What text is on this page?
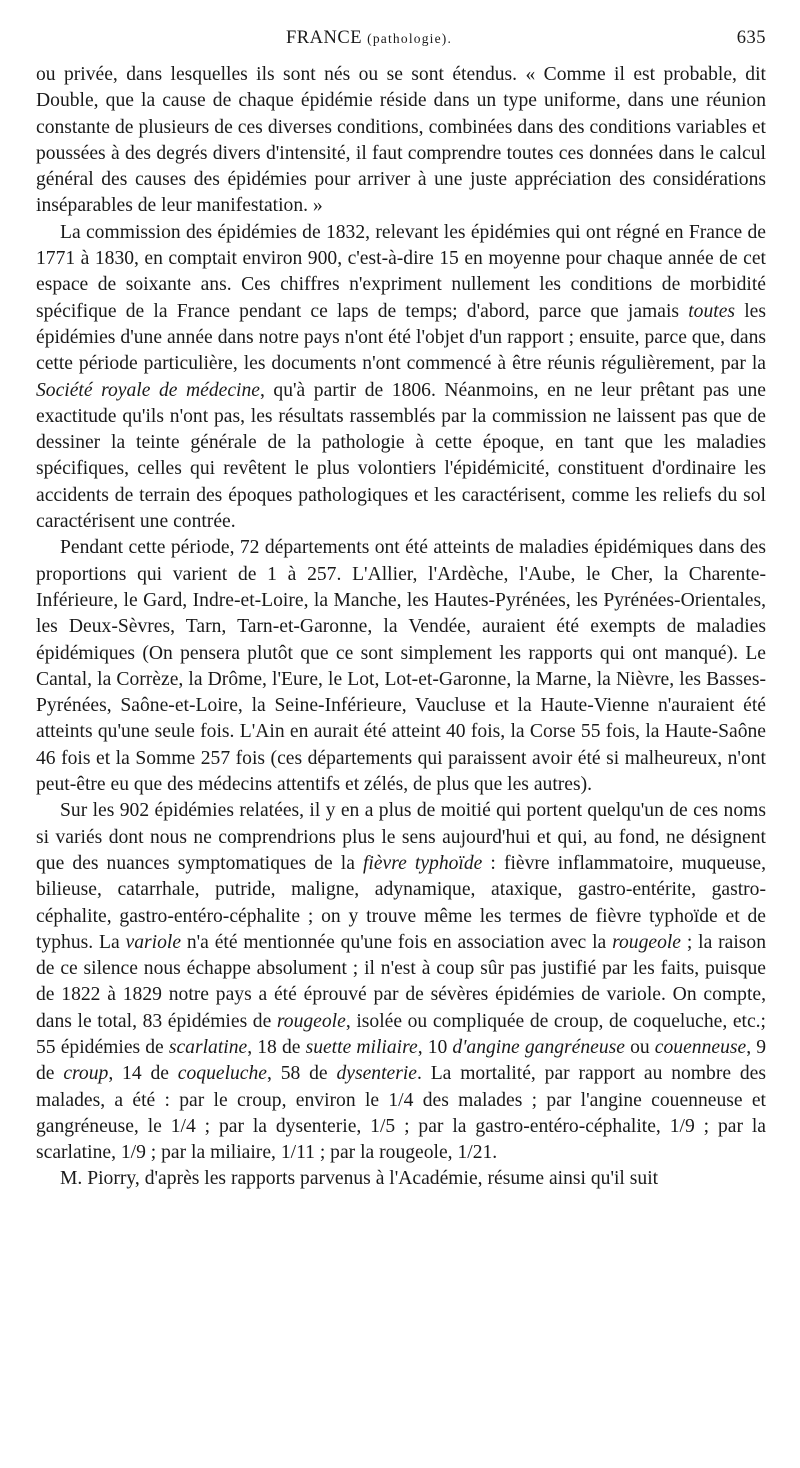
FRANCE (pathologie).	635

ou privée, dans lesquelles ils sont nés ou se sont étendus. « Comme il est probable, dit Double, que la cause de chaque épidémie réside dans un type uniforme, dans une réunion constante de plusieurs de ces diverses conditions, combinées dans des conditions variables et poussées à des degrés divers d'intensité, il faut comprendre toutes ces données dans le calcul général des causes des épidémies pour arriver à une juste appréciation des considérations inséparables de leur manifestation. »

La commission des épidémies de 1832, relevant les épidémies qui ont régné en France de 1771 à 1830, en comptait environ 900, c'est-à-dire 15 en moyenne pour chaque année de cet espace de soixante ans. Ces chiffres n'expriment nullement les conditions de morbidité spécifique de la France pendant ce laps de temps; d'abord, parce que jamais toutes les épidémies d'une année dans notre pays n'ont été l'objet d'un rapport ; ensuite, parce que, dans cette période particulière, les documents n'ont commencé à être réunis régulièrement, par la Société royale de médecine, qu'à partir de 1806. Néanmoins, en ne leur prêtant pas une exactitude qu'ils n'ont pas, les résultats rassemblés par la commission ne laissent pas que de dessiner la teinte générale de la pathologie à cette époque, en tant que les maladies spécifiques, celles qui revêtent le plus volontiers l'épidémicité, constituent d'ordinaire les accidents de terrain des époques pathologiques et les caractérisent, comme les reliefs du sol caractérisent une contrée.

Pendant cette période, 72 départements ont été atteints de maladies épidémiques dans des proportions qui varient de 1 à 257. L'Allier, l'Ardèche, l'Aube, le Cher, la Charente-Inférieure, le Gard, Indre-et-Loire, la Manche, les Hautes-Pyrénées, les Pyrénées-Orientales, les Deux-Sèvres, Tarn, Tarn-et-Garonne, la Vendée, auraient été exempts de maladies épidémiques (On pensera plutôt que ce sont simplement les rapports qui ont manqué). Le Cantal, la Corrèze, la Drôme, l'Eure, le Lot, Lot-et-Garonne, la Marne, la Nièvre, les Basses-Pyrénées, Saône-et-Loire, la Seine-Inférieure, Vaucluse et la Haute-Vienne n'auraient été atteints qu'une seule fois. L'Ain en aurait été atteint 40 fois, la Corse 55 fois, la Haute-Saône 46 fois et la Somme 257 fois (ces départements qui paraissent avoir été si malheureux, n'ont peut-être eu que des médecins attentifs et zélés, de plus que les autres).

Sur les 902 épidémies relatées, il y en a plus de moitié qui portent quelqu'un de ces noms si variés dont nous ne comprendrions plus le sens aujourd'hui et qui, au fond, ne désignent que des nuances symptomatiques de la fièvre typhoïde : fièvre inflammatoire, muqueuse, bilieuse, catarrhale, putride, maligne, adynamique, ataxique, gastro-entérite, gastro-céphalite, gastro-entéro-céphalite ; on y trouve même les termes de fièvre typhoïde et de typhus. La variole n'a été mentionnée qu'une fois en association avec la rougeole ; la raison de ce silence nous échappe absolument ; il n'est à coup sûr pas justifié par les faits, puisque de 1822 à 1829 notre pays a été éprouvé par de sévères épidémies de variole. On compte, dans le total, 83 épidémies de rougeole, isolée ou compliquée de croup, de coqueluche, etc.; 55 épidémies de scarlatine, 18 de suette miliaire, 10 d'angine gangréneuse ou couenneuse, 9 de croup, 14 de coqueluche, 58 de dysenterie. La mortalité, par rapport au nombre des malades, a été : par le croup, environ le 1/4 des malades ; par l'angine couenneuse et gangréneuse, le 1/4 ; par la dysenterie, 1/5 ; par la gastro-entéro-céphalite, 1/9 ; par la scarlatine, 1/9 ; par la miliaire, 1/11 ; par la rougeole, 1/21.

M. Piorry, d'après les rapports parvenus à l'Académie, résume ainsi qu'il suit
